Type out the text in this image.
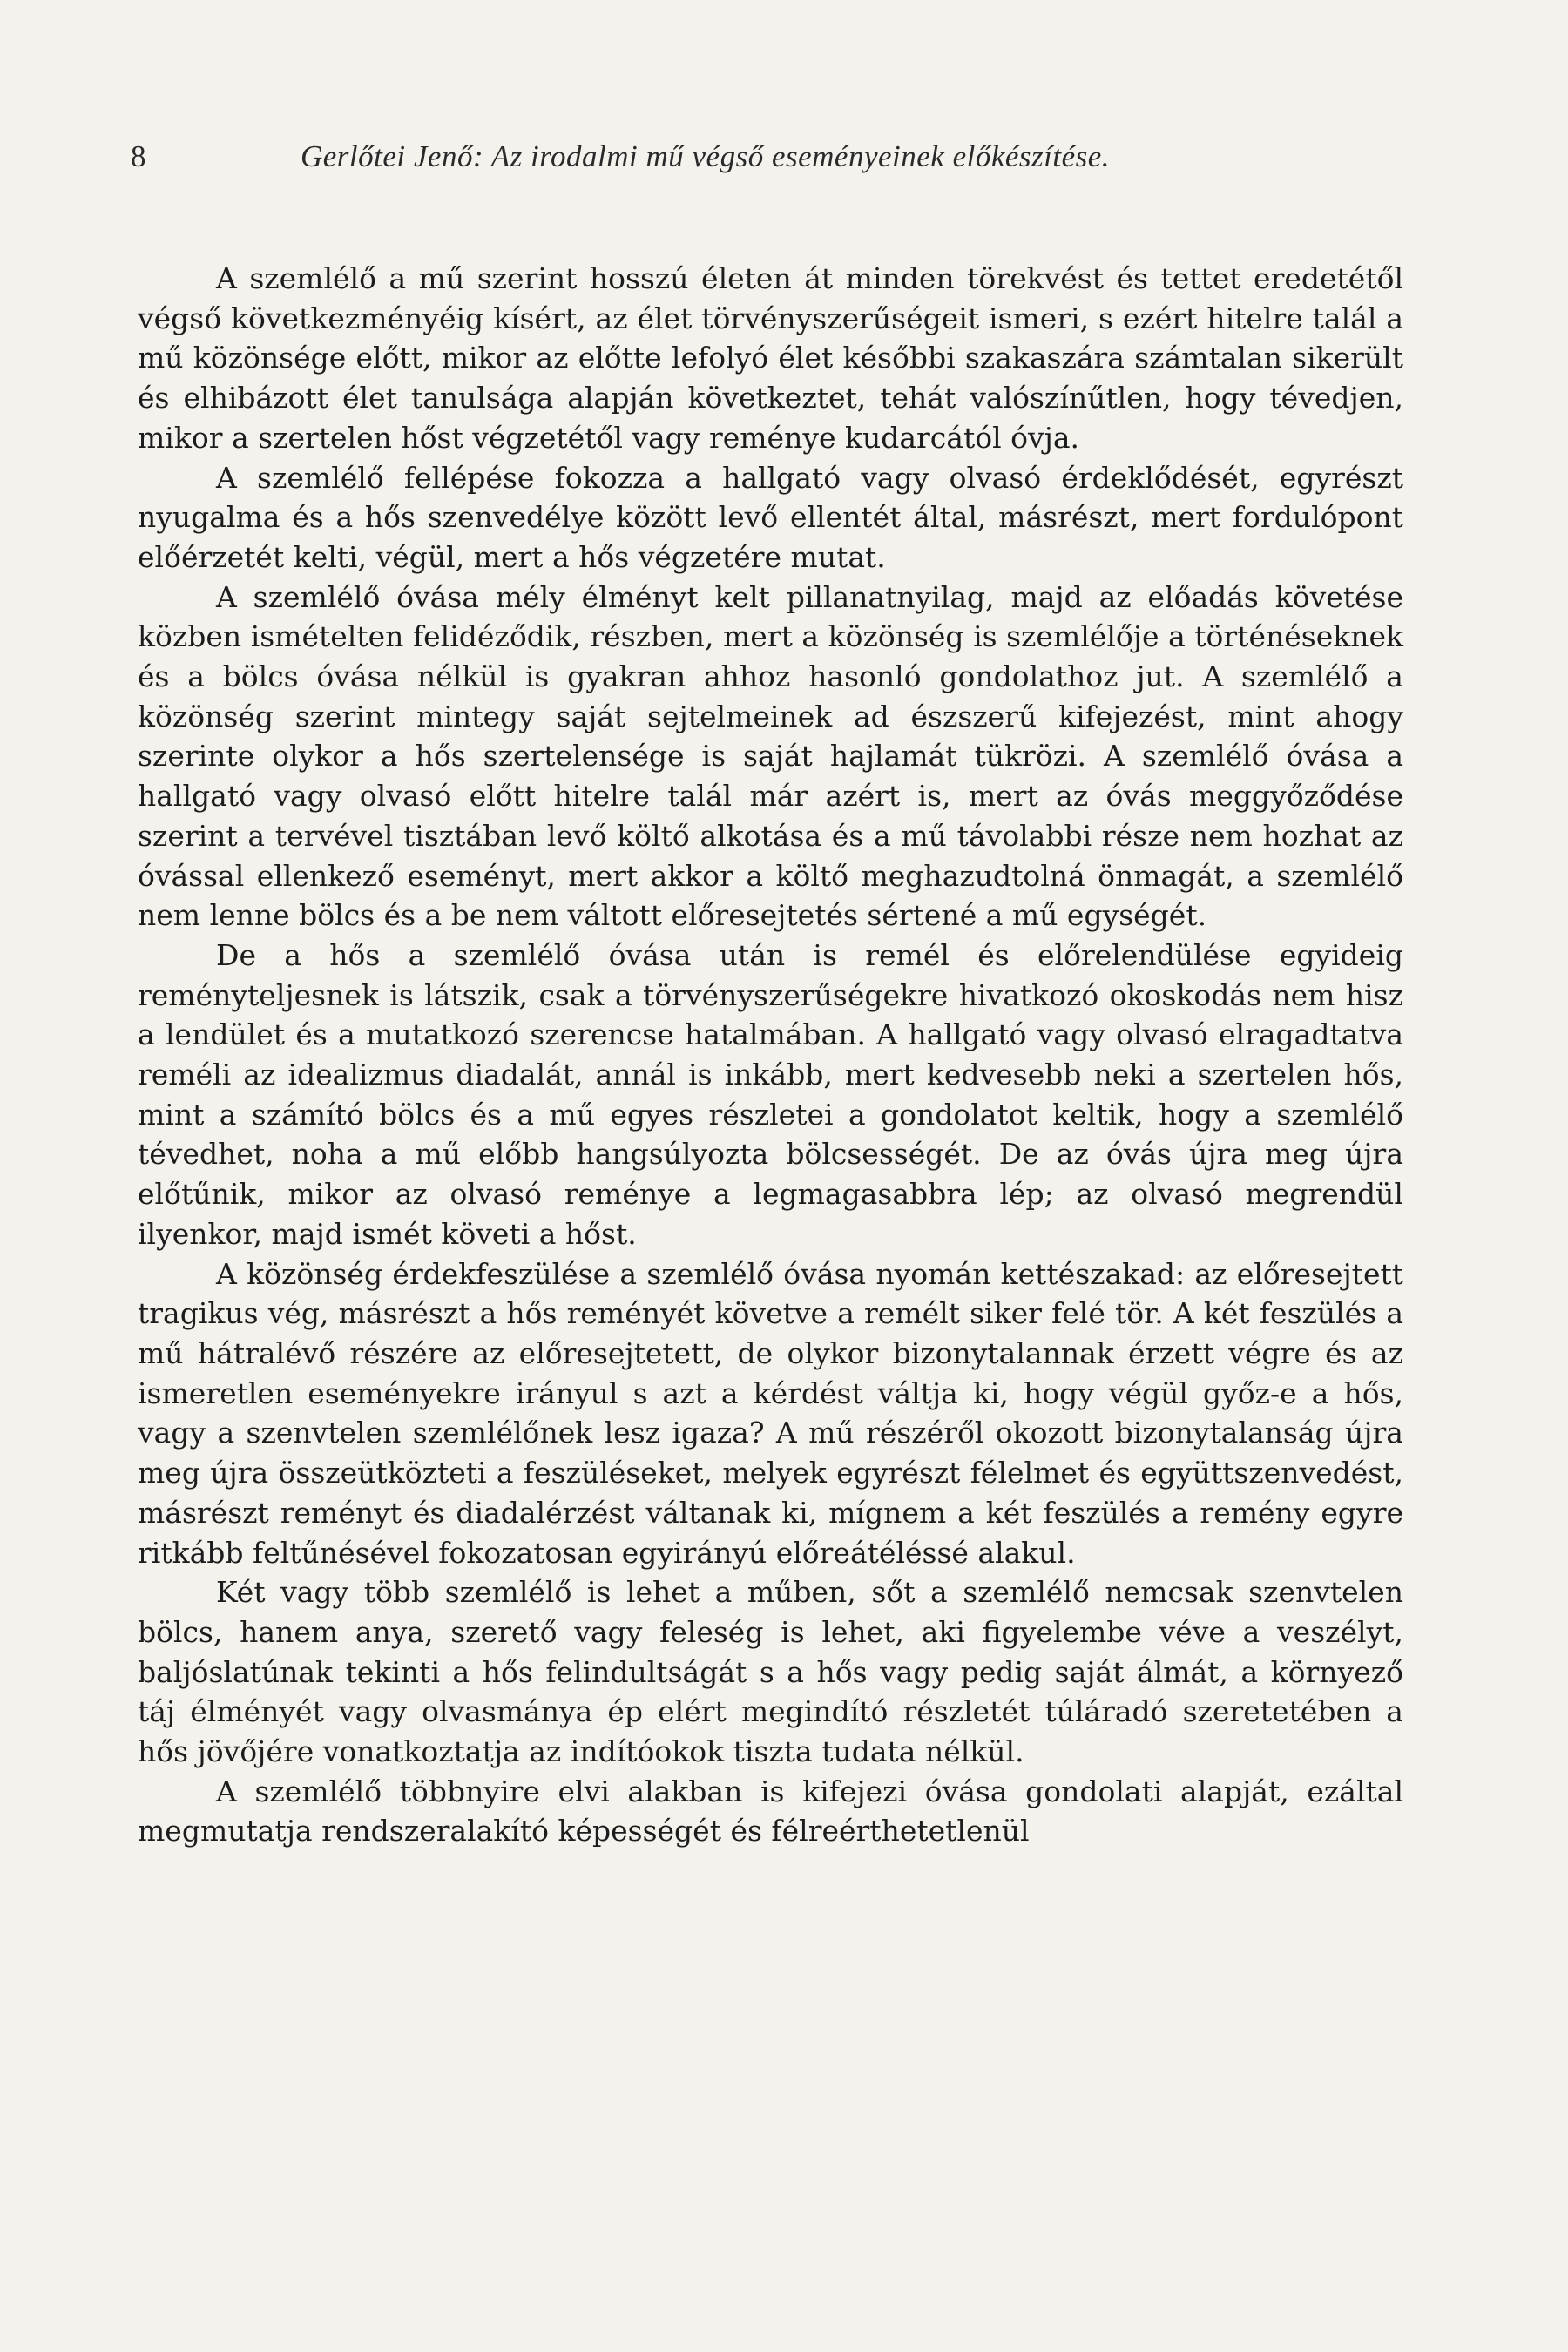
8	Gerlőtei Jenő: Az irodalmi mű végső eseményeinek előkészítése.

A szemlélő a mű szerint hosszú életen át minden törekvést és tettet eredetétől végső következményéig kísért, az élet törvényszerűségeit ismeri, s ezért hitelre talál a mű közönsége előtt, mikor az előtte lefolyó élet későbbi szakaszára számtalan sikerült és elhibázott élet tanulsága alapján következtet, tehát valószínűtlen, hogy tévedjen, mikor a szertelen hőst végzetétől vagy reménye kudarcától óvja.

A szemlélő fellépése fokozza a hallgató vagy olvasó érdeklődését, egyrészt nyugalma és a hős szenvedélye között levő ellentét által, másrészt, mert fordulópont előérzetét kelti, végül, mert a hős végzetére mutat.

A szemlélő óvása mély élményt kelt pillanatnyilag, majd az előadás követése közben ismételten felidéződik, részben, mert a közönség is szemlélője a történéseknek és a bölcs óvása nélkül is gyakran ahhoz hasonló gondolathoz jut. A szemlélő a közönség szerint mintegy saját sejtelmeinek ad észszerű kifejezést, mint ahogy szerinte olykor a hős szertelensége is saját hajlamát tükrözi. A szemlélő óvása a hallgató vagy olvasó előtt hitelre talál már azért is, mert az óvás meggyőződése szerint a tervével tisztában levő költő alkotása és a mű távolabbi része nem hozhat az óvással ellenkező eseményt, mert akkor a költő meghazudtolná önmagát, a szemlélő nem lenne bölcs és a be nem váltott előresejtetés sértené a mű egységét.

De a hős a szemlélő óvása után is remél és előrelendülése egyideig reményteljesnek is látszik, csak a törvényszerűségekre hivatkozó okoskodás nem hisz a lendület és a mutatkozó szerencse hatalmában. A hallgató vagy olvasó elragadtatva reméli az idealizmus diadalát, annál is inkább, mert kedvesebb neki a szertelen hős, mint a számító bölcs és a mű egyes részletei a gondolatot keltik, hogy a szemlélő tévedhet, noha a mű előbb hangsúlyozta bölcsességét. De az óvás újra meg újra előtűnik, mikor az olvasó reménye a legmagasabbra lép; az olvasó megrendül ilyenkor, majd ismét követi a hőst.

A közönség érdekfeszülése a szemlélő óvása nyomán kettészakad: az előresejtett tragikus vég, másrészt a hős reményét követve a remélt siker felé tör. A két feszülés a mű hátralévő részére az előresejtetett, de olykor bizonytalannak érzett végre és az ismeretlen eseményekre irányul s azt a kérdést váltja ki, hogy végül győz-e a hős, vagy a szenvtelen szemlélőnek lesz igaza? A mű részéről okozott bizonytalanság újra meg újra összeütközteti a feszüléseket, melyek egyrészt félelmet és együttszenvedést, másrészt reményt és diadalérzést váltanak ki, mígnem a két feszülés a remény egyre ritkább feltűnésével fokozatosan egyirányú előreátéléssé alakul.

Két vagy több szemlélő is lehet a műben, sőt a szemlélő nemcsak szenvtelen bölcs, hanem anya, szerető vagy feleség is lehet, aki figyelembe véve a veszélyt, baljóslatúnak tekinti a hős felindultságát s a hős vagy pedig saját álmát, a környező táj élményét vagy olvasmánya ép elért megindító részletét túláradó szeretetében a hős jövőjére vonatkoztatja az indítóokok tiszta tudata nélkül.

A szemlélő többnyire elvi alakban is kifejezi óvása gondolati alapját, ezáltal megmutatja rendszeralakító képességét és félreérthetetlenül
